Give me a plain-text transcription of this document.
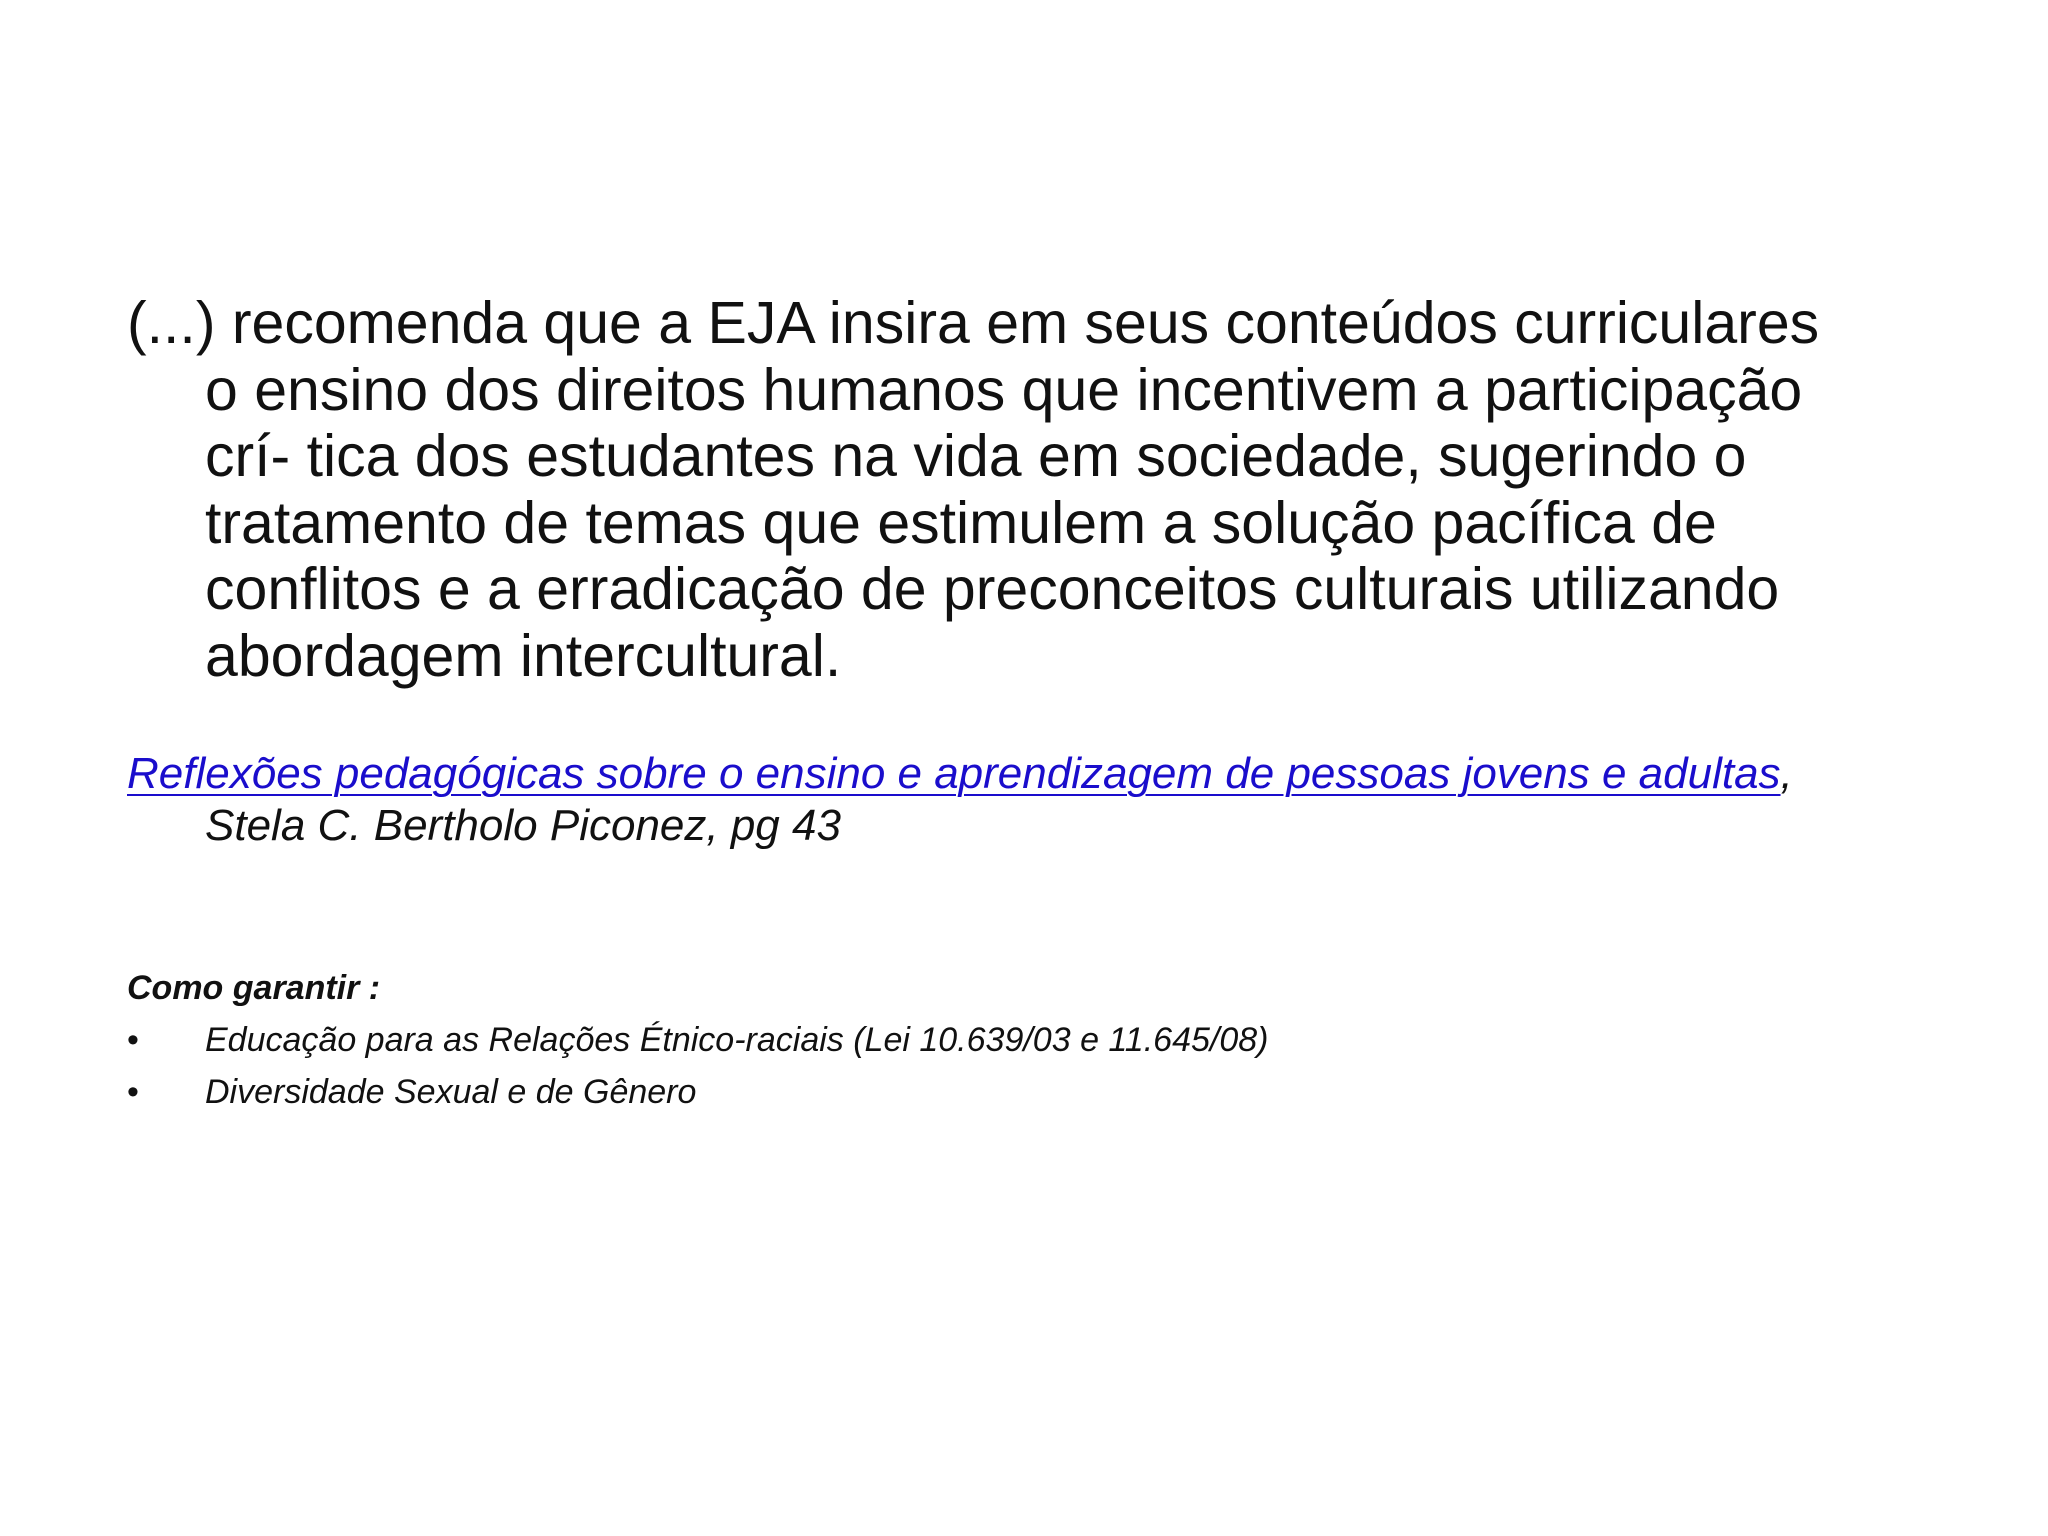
(...) recomenda que a EJA insira em seus conteúdos curriculares
o ensino dos direitos humanos que incentivem a participação
crí- tica dos estudantes na vida em sociedade, sugerindo o
tratamento de temas que estimulem a solução pacífica de
conflitos e a erradicação de preconceitos culturais utilizando
abordagem intercultural.
Reflexões pedagógicas sobre o ensino e aprendizagem de pessoas jovens e adultas,
Stela C. Bertholo Piconez, pg 43
Como garantir :
• Educação para as Relações Étnico-raciais (Lei 10.639/03 e 11.645/08)
• Diversidade Sexual e de Gênero
